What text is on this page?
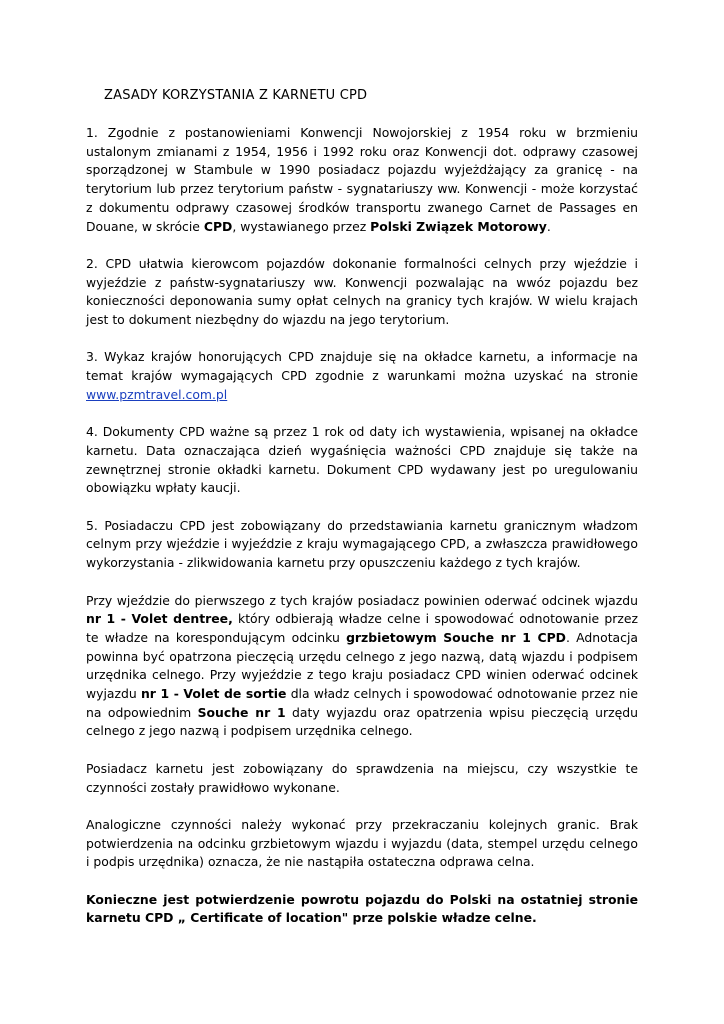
ZASADY KORZYSTANIA Z KARNETU CPD

1. Zgodnie z postanowieniami Konwencji Nowojorskiej z 1954 roku w brzmieniu ustalonym zmianami z 1954, 1956 i 1992 roku oraz Konwencji dot. odprawy czasowej sporządzonej w Stambule w 1990 posiadacz pojazdu wyjeżdżający za granicę - na terytorium lub przez terytorium państw - sygnatariuszy ww. Konwencji - może korzystać z dokumentu odprawy czasowej środków transportu zwanego Carnet de Passages en Douane, w skrócie CPD, wystawianego przez Polski Związek Motorowy.

2. CPD ułatwia kierowcom pojazdów dokonanie formalności celnych przy wjeździe i wyjeździe z państw-sygnatariuszy ww. Konwencji pozwalając na wwóz pojazdu bez konieczności deponowania sumy opłat celnych na granicy tych krajów. W wielu krajach jest to dokument niezbędny do wjazdu na jego terytorium.

3. Wykaz krajów honorujących CPD znajduje się na okładce karnetu, a informacje na temat krajów wymagających CPD zgodnie z warunkami można uzyskać na stronie www.pzmtravel.com.pl

4. Dokumenty CPD ważne są przez 1 rok od daty ich wystawienia, wpisanej na okładce karnetu. Data oznaczająca dzień wygaśnięcia ważności CPD znajduje się także na zewnętrznej stronie okładki karnetu. Dokument CPD wydawany jest po uregulowaniu obowiązku wpłaty kaucji.

5. Posiadaczu CPD jest zobowiązany do przedstawiania karnetu granicznym władzom celnym przy wjeździe i wyjeździe z kraju wymagającego CPD, a zwłaszcza prawidłowego wykorzystania - zlikwidowania karnetu przy opuszczeniu każdego z tych krajów.

Przy wjeździe do pierwszego z tych krajów posiadacz powinien oderwać odcinek wjazdu nr 1 - Volet dentree, który odbierają władze celne i spowodować odnotowanie przez te władze na korespondującym odcinku grzbietowym Souche nr 1 CPD. Adnotacja powinna być opatrzona pieczęcią urzędu celnego z jego nazwą, datą wjazdu i podpisem urzędnika celnego. Przy wyjeździe z tego kraju posiadacz CPD winien oderwać odcinek wyjazdu nr 1 - Volet de sortie dla władz celnych i spowodować odnotowanie przez nie na odpowiednim Souche nr 1 daty wyjazdu oraz opatrzenia wpisu pieczęcią urzędu celnego z jego nazwą i podpisem urzędnika celnego.

Posiadacz karnetu jest zobowiązany do sprawdzenia na miejscu, czy wszystkie te czynności zostały prawidłowo wykonane.

Analogiczne czynności należy wykonać przy przekraczaniu kolejnych granic. Brak potwierdzenia na odcinku grzbietowym wjazdu i wyjazdu (data, stempel urzędu celnego i podpis urzędnika) oznacza, że nie nastąpiła ostateczna odprawa celna.

Konieczne jest potwierdzenie powrotu pojazdu do Polski na ostatniej stronie karnetu CPD „ Certificate of location" prze polskie władze celne.
